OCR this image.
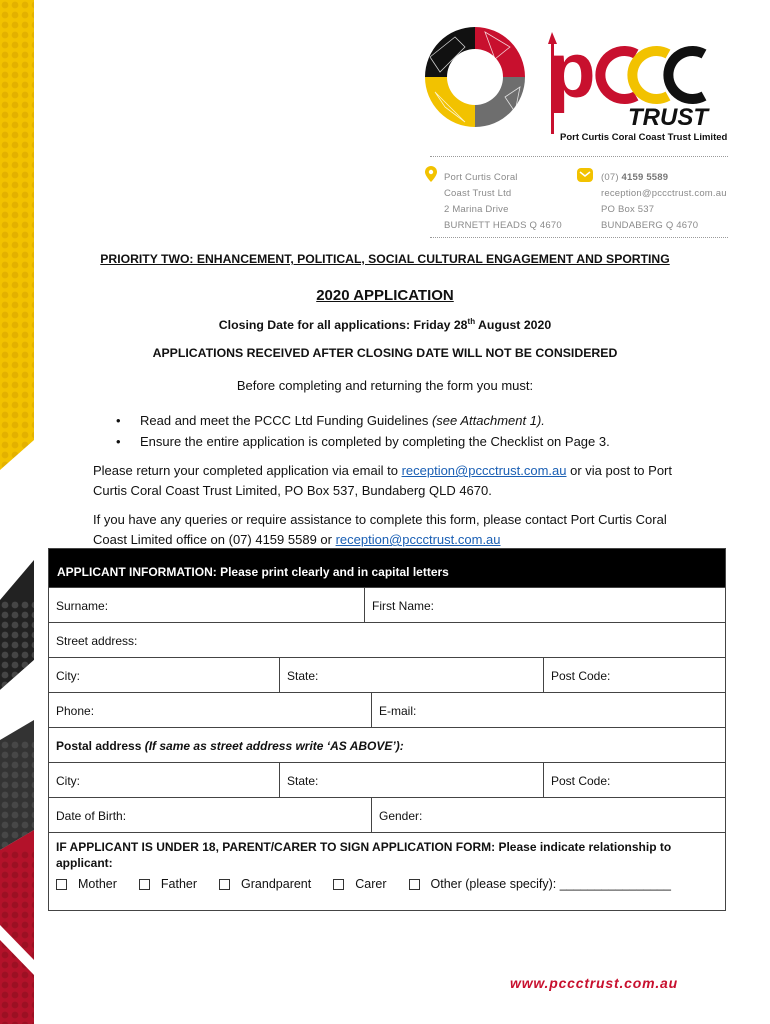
p
TRUST
Port Curtis Coral Coast Trust Limited
Port Curtis Coral
Coast Trust Ltd
2 Marina Drive
BURNETT HEADS Q 4670
(07) 4159 5589
reception@pccctrust.com.au
PO Box 537
BUNDABERG Q 4670
PRIORITY TWO: ENHANCEMENT, POLITICAL, SOCIAL CULTURAL ENGAGEMENT AND SPORTING
2020 APPLICATION
Closing Date for all applications: Friday 28th August 2020
APPLICATIONS RECEIVED AFTER CLOSING DATE WILL NOT BE CONSIDERED
Before completing and returning the form you must:
• Read and meet the PCCC Ltd Funding Guidelines (see Attachment 1).
• Ensure the entire application is completed by completing the Checklist on Page 3.
Please return your completed application via email to reception@pccctrust.com.au or via post to Port Curtis Coral Coast Trust Limited, PO Box 537, Bundaberg QLD 4670.
If you have any queries or require assistance to complete this form, please contact Port Curtis Coral Coast Limited office on (07) 4159 5589 or reception@pccctrust.com.au
APPLICANT INFORMATION: Please print clearly and in capital letters
Surname:	First Name:
Street address:
City:	State:	Post Code:
Phone:	E-mail:
Postal address (If same as street address write ‘AS ABOVE’):
City:	State:	Post Code:
Date of Birth:	Gender:
IF APPLICANT IS UNDER 18, PARENT/CARER TO SIGN APPLICATION FORM: Please indicate relationship to applicant:
Mother	Father	Grandparent	Carer	Other (please specify): ________________
www.pccctrust.com.au
